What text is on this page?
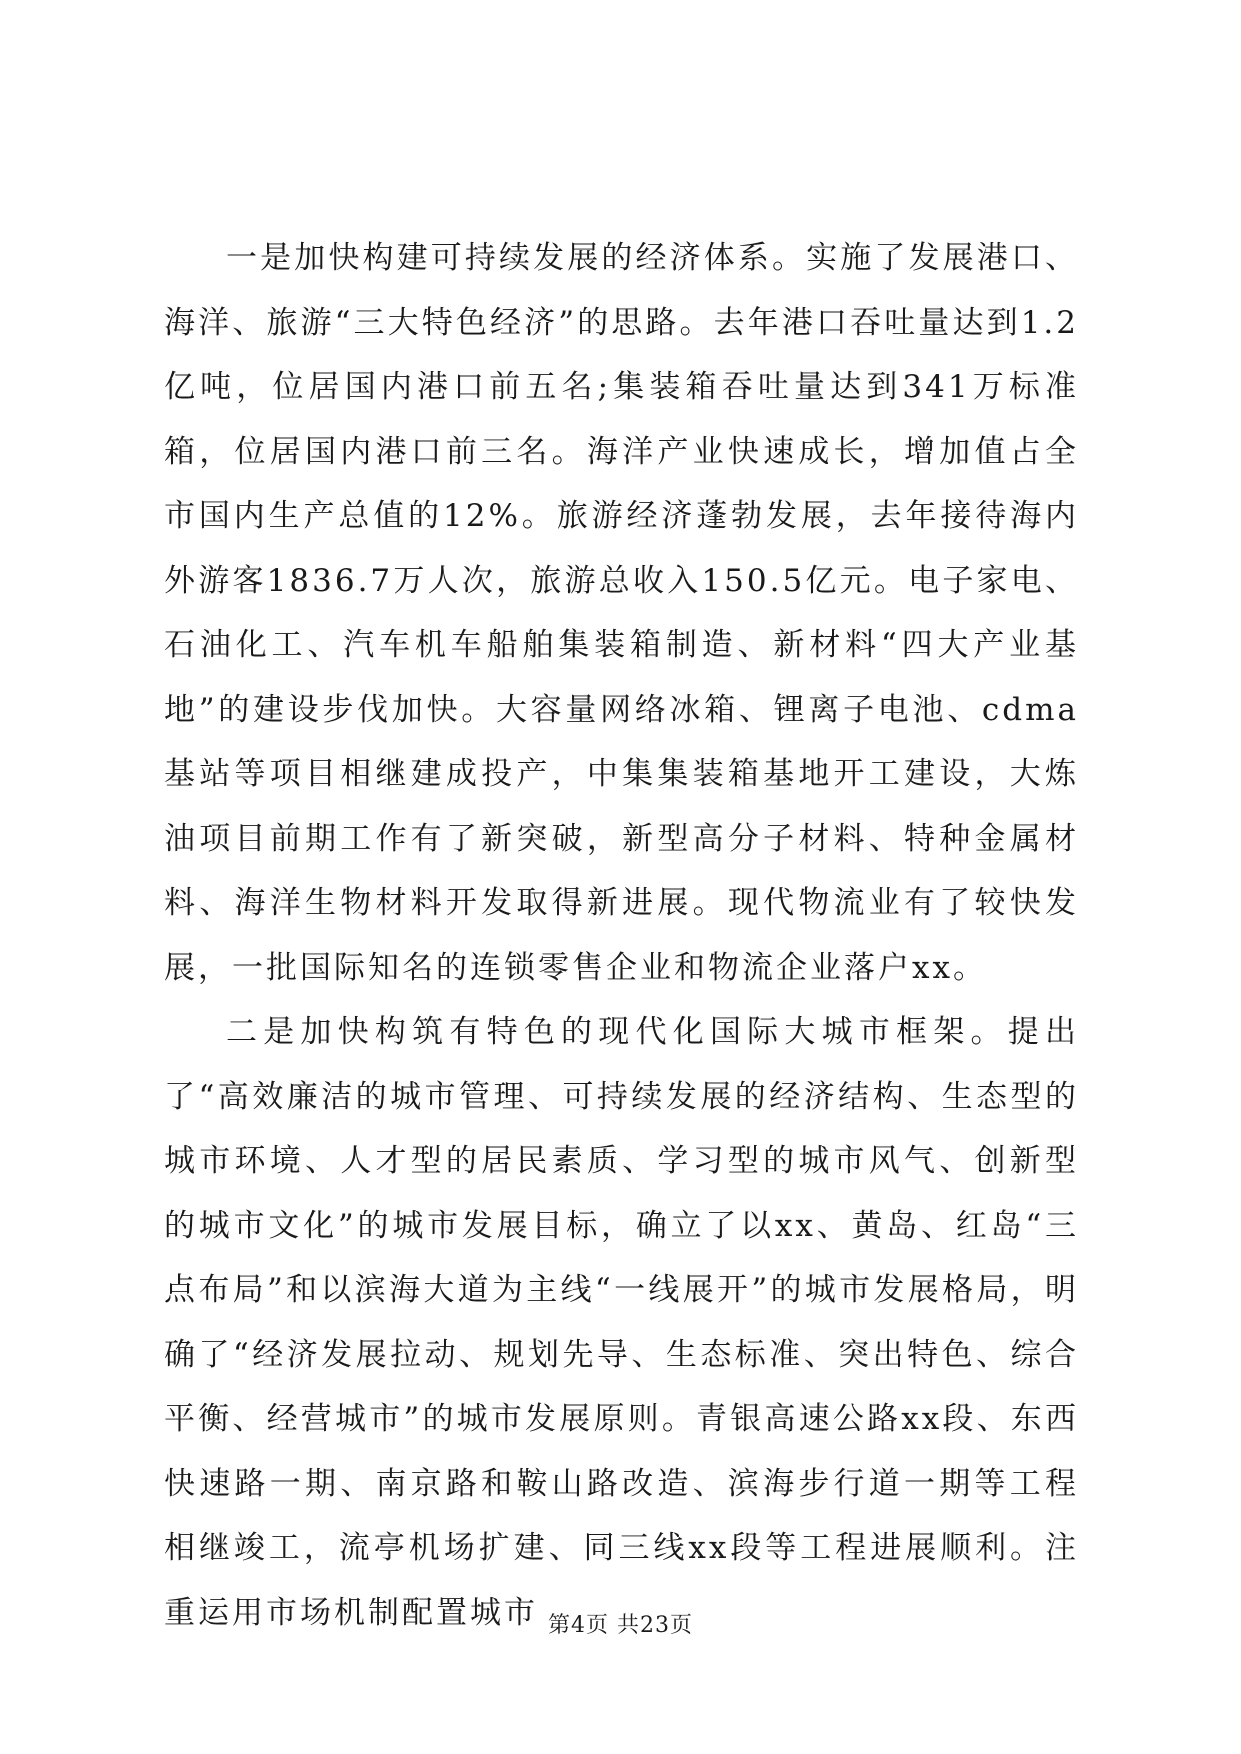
一是加快构建可持续发展的经济体系。实施了发展港口、海洋、旅游“三大特色经济”的思路。去年港口吞吐量达到1.2亿吨，位居国内港口前五名;集装箱吞吐量达到341万标准箱，位居国内港口前三名。海洋产业快速成长，增加值占全市国内生产总值的12%。旅游经济蓬勃发展，去年接待海内外游客1836.7万人次，旅游总收入150.5亿元。电子家电、石油化工、汽车机车船舶集装箱制造、新材料“四大产业基地”的建设步伐加快。大容量网络冰箱、锂离子电池、cdma基站等项目相继建成投产，中集集装箱基地开工建设，大炼油项目前期工作有了新突破，新型高分子材料、特种金属材料、海洋生物材料开发取得新进展。现代物流业有了较快发展，一批国际知名的连锁零售企业和物流企业落户xx。

二是加快构筑有特色的现代化国际大城市框架。提出了“高效廉洁的城市管理、可持续发展的经济结构、生态型的城市环境、人才型的居民素质、学习型的城市风气、创新型的城市文化”的城市发展目标，确立了以xx、黄岛、红岛“三点布局”和以滨海大道为主线“一线展开”的城市发展格局，明确了“经济发展拉动、规划先导、生态标准、突出特色、综合平衡、经营城市”的城市发展原则。青银高速公路xx段、东西快速路一期、南京路和鞍山路改造、滨海步行道一期等工程相继竣工，流亭机场扩建、同三线xx段等工程进展顺利。注重运用市场机制配置城市 第4页 共23页
